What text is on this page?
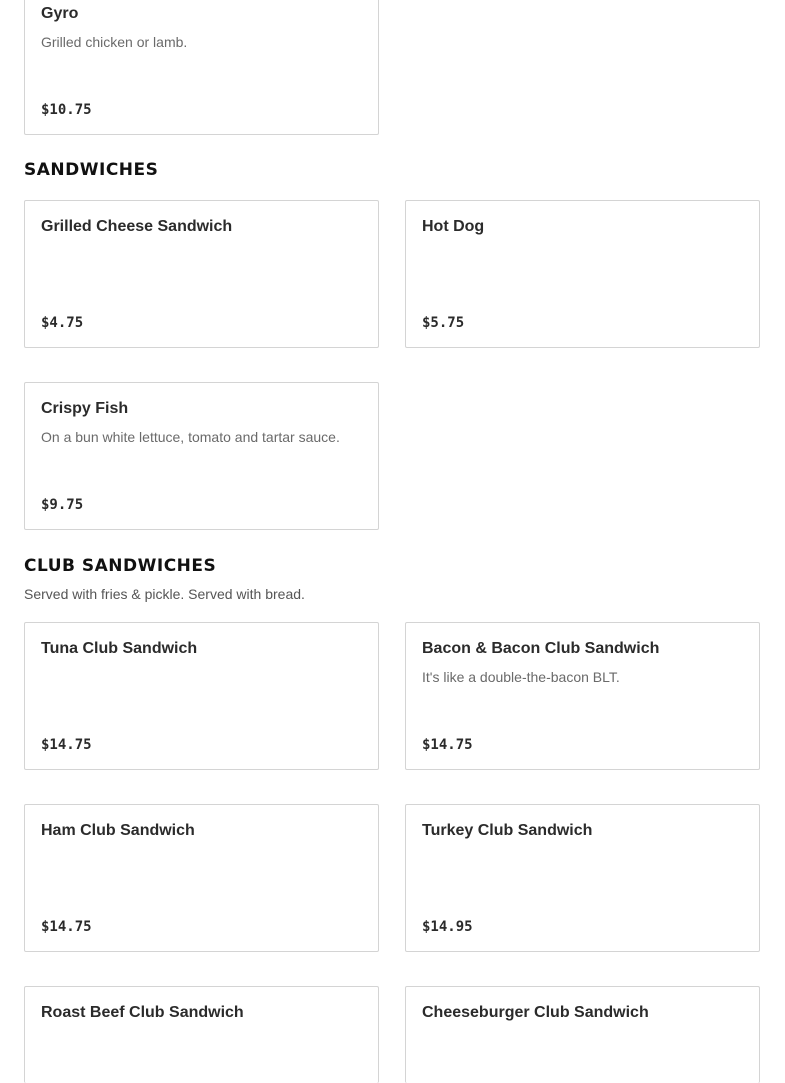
Gyro
Grilled chicken or lamb.
$10.75
SANDWICHES
Grilled Cheese Sandwich
$4.75
Hot Dog
$5.75
Crispy Fish
On a bun white lettuce, tomato and tartar sauce.
$9.75
CLUB SANDWICHES
Served with fries & pickle. Served with bread.
Tuna Club Sandwich
$14.75
Bacon & Bacon Club Sandwich
It's like a double-the-bacon BLT.
$14.75
Ham Club Sandwich
$14.75
Turkey Club Sandwich
$14.95
Roast Beef Club Sandwich	Cheeseburger Club Sandwich
